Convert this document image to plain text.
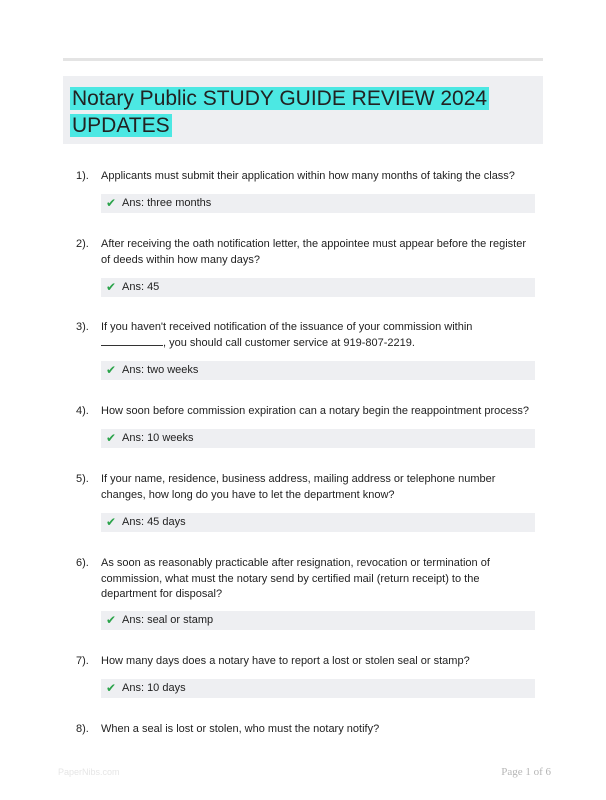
Notary Public STUDY GUIDE REVIEW 2024 UPDATES
1). Applicants must submit their application within how many months of taking the class?
✔ Ans: three months
2). After receiving the oath notification letter, the appointee must appear before the register of deeds within how many days?
✔ Ans: 45
3). If you haven't received notification of the issuance of your commission within , you should call customer service at 919-807-2219.
✔ Ans: two weeks
4). How soon before commission expiration can a notary begin the reappointment process?
✔ Ans: 10 weeks
5). If your name, residence, business address, mailing address or telephone number changes, how long do you have to let the department know?
✔ Ans: 45 days
6). As soon as reasonably practicable after resignation, revocation or termination of commission, what must the notary send by certified mail (return receipt) to the department for disposal?
✔ Ans: seal or stamp
7). How many days does a notary have to report a lost or stolen seal or stamp?
✔ Ans: 10 days
8). When a seal is lost or stolen, who must the notary notify?
PaperNibs.com	Page 1 of 6
